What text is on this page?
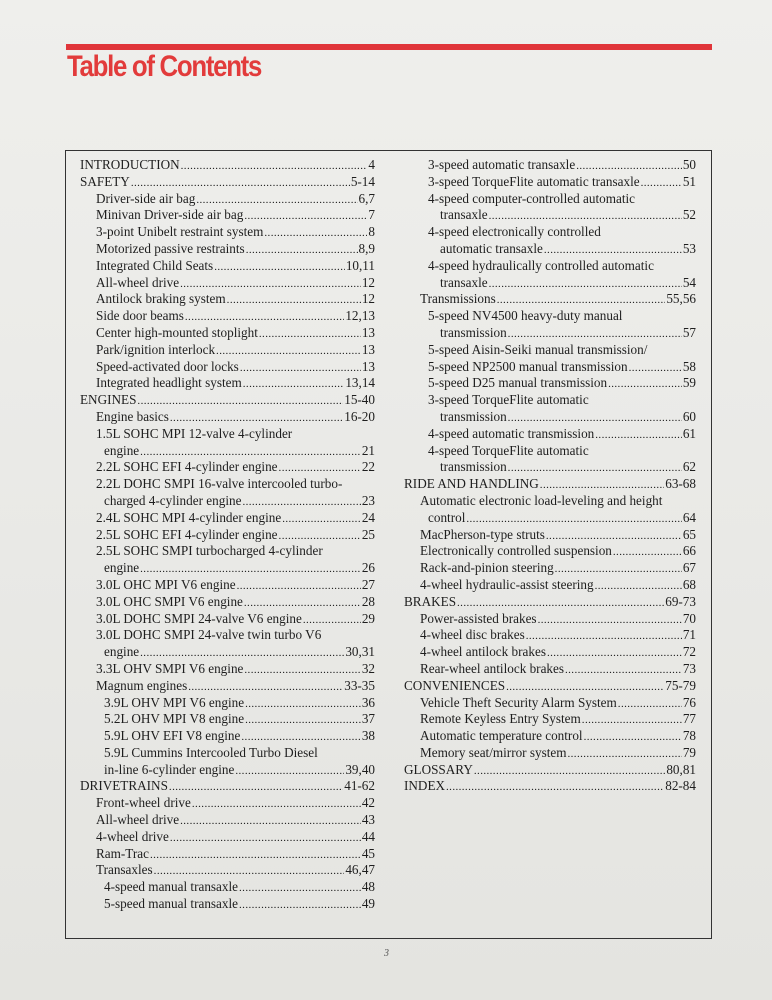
Table of Contents
INTRODUCTION .....	4
SAFETY .....	5-14
Driver-side air bag .....	6,7
Minivan Driver-side air bag .....	7
3-point Unibelt restraint system .....	8
Motorized passive restraints .....	8,9
Integrated Child Seats .....	10,11
All-wheel drive .....	12
Antilock braking system .....	12
Side door beams .....	12,13
Center high-mounted stoplight .....	13
Park/ignition interlock .....	13
Speed-activated door locks .....	13
Integrated headlight system .....	13,14
ENGINES .....	15-40
Engine basics .....	16-20
1.5L SOHC MPI 12-valve 4-cylinder
engine .....	21
2.2L SOHC EFI 4-cylinder engine .....	22
2.2L DOHC SMPI 16-valve intercooled turbo-
charged 4-cylinder engine .....	23
2.4L SOHC MPI 4-cylinder engine .....	24
2.5L SOHC EFI 4-cylinder engine .....	25
2.5L SOHC SMPI turbocharged 4-cylinder
engine .....	26
3.0L OHC MPI V6 engine .....	27
3.0L OHC SMPI V6 engine .....	28
3.0L DOHC SMPI 24-valve V6 engine .....	29
3.0L DOHC SMPI 24-valve twin turbo V6
engine .....	30,31
3.3L OHV SMPI V6 engine .....	32
Magnum engines .....	33-35
3.9L OHV MPI V6 engine .....	36
5.2L OHV MPI V8 engine .....	37
5.9L OHV EFI V8 engine .....	38
5.9L Cummins Intercooled Turbo Diesel
in-line 6-cylinder engine .....	39,40
DRIVETRAINS .....	41-62
Front-wheel drive .....	42
All-wheel drive .....	43
4-wheel drive .....	44
Ram-Trac .....	45
Transaxles .....	46,47
4-speed manual transaxle .....	48
5-speed manual transaxle .....	49
3-speed automatic transaxle .....	50
3-speed TorqueFlite automatic transaxle .....	51
4-speed computer-controlled automatic
transaxle .....	52
4-speed electronically controlled
automatic transaxle .....	53
4-speed hydraulically controlled automatic
transaxle .....	54
Transmissions .....	55,56
5-speed NV4500 heavy-duty manual
transmission .....	57
5-speed Aisin-Seiki manual transmission/
5-speed NP2500 manual transmission .....	58
5-speed D25 manual transmission .....	59
3-speed TorqueFlite automatic
transmission .....	60
4-speed automatic transmission .....	61
4-speed TorqueFlite automatic
transmission .....	62
RIDE AND HANDLING .....	63-68
Automatic electronic load-leveling and height
control .....	64
MacPherson-type struts .....	65
Electronically controlled suspension .....	66
Rack-and-pinion steering .....	67
4-wheel hydraulic-assist steering .....	68
BRAKES .....	69-73
Power-assisted brakes .....	70
4-wheel disc brakes .....	71
4-wheel antilock brakes .....	72
Rear-wheel antilock brakes .....	73
CONVENIENCES .....	75-79
Vehicle Theft Security Alarm System .....	76
Remote Keyless Entry System .....	77
Automatic temperature control .....	78
Memory seat/mirror system .....	79
GLOSSARY .....	80,81
INDEX .....	82-84
3
